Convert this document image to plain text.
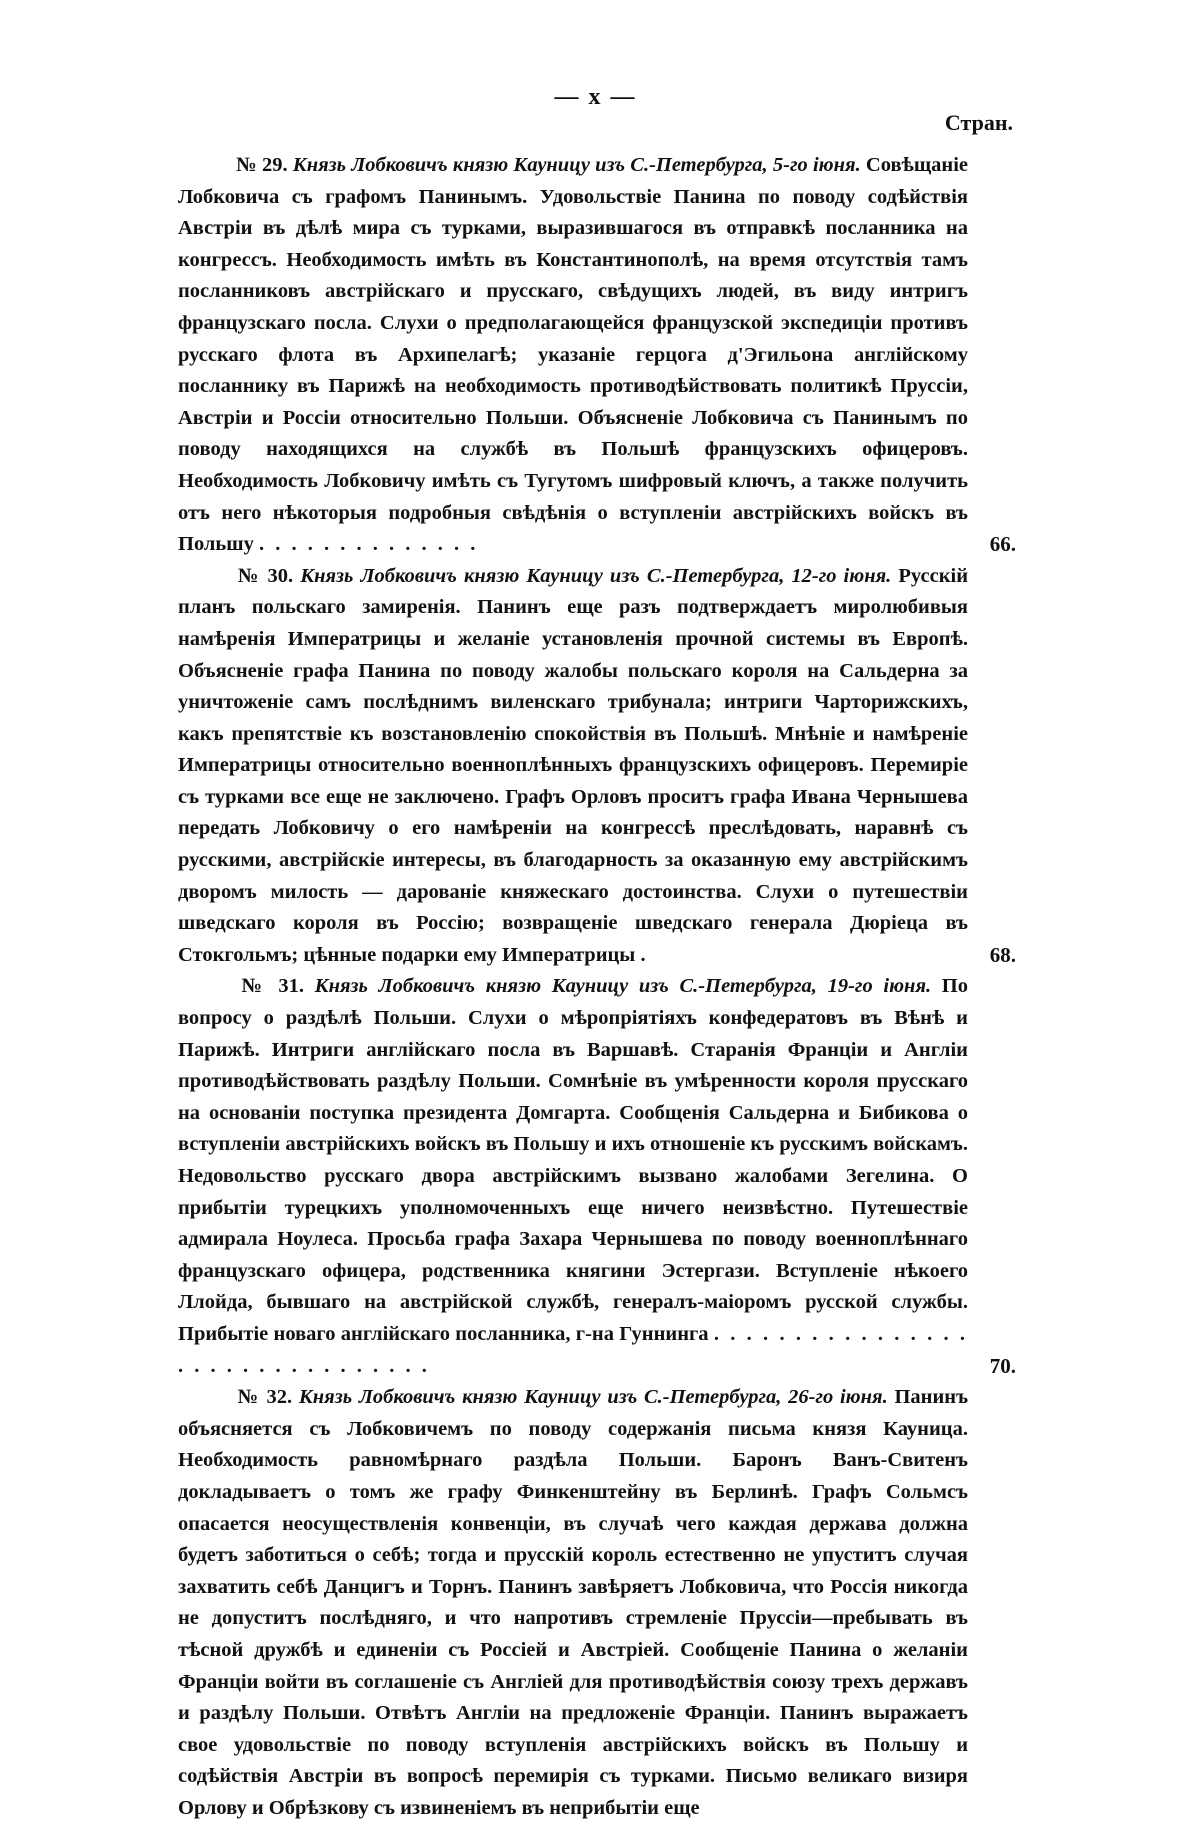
— x —
Стран.

№ 29. Князь Лобковичъ князю Кауницу изъ С.-Петербурга, 5-го іюня. Совѣщаніе Лобковича съ графомъ Панинымъ. Удовольствіе Панина по поводу содѣйствія Австріи въ дѣлѣ мира съ турками, выразившагося въ отправкѣ посланника на конгрессъ. Необходимость имѣть въ Константинополѣ, на время отсутствія тамъ посланниковъ австрійскаго и прусскаго, свѣдущихъ людей, въ виду интригъ французскаго посла. Слухи о предполагающейся французской экспедиціи противъ русскаго флота въ Архипелагѣ; указаніе герцога д'Эгильона англійскому посланнику въ Парижѣ на необходимость противодѣйствовать политикѣ Пруссіи, Австріи и Россіи относительно Польши. Объясненіе Лобковича съ Панинымъ по поводу находящихся на службѣ въ Польшѣ французскихъ офицеровъ. Необходимость Лобковичу имѣть съ Тугутомъ шифровый ключъ, а также получить отъ него нѣкоторыя подробныя свѣдѣнія о вступленіи австрійскихъ войскъ въ Польшу . . . . . . . . . . . . . .	66.

№ 30. Князь Лобковичъ князю Кауницу изъ С.-Петербурга, 12-го іюня. Русскій планъ польскаго замиренія. Панинъ еще разъ подтверждаетъ миролюбивыя намѣренія Императрицы и желаніе установленія прочной системы въ Европѣ. Объясненіе графа Панина по поводу жалобы польскаго короля на Сальдерна за уничтоженіе самъ послѣднимъ виленскаго трибунала; интриги Чарторижскихъ, какъ препятствіе къ возстановленію спокойствія въ Польшѣ. Мнѣніе и намѣреніе Императрицы относительно военноплѣнныхъ французскихъ офицеровъ. Перемиріе съ турками все еще не заключено. Графъ Орловъ проситъ графа Ивана Чернышева передать Лобковичу о его намѣреніи на конгрессѣ преслѣдовать, наравнѣ съ русскими, австрійскіе интересы, въ благодарность за оказанную ему австрійскимъ дворомъ милость — дарованіе княжескаго достоинства. Слухи о путешествіи шведскаго короля въ Россію; возвращеніе шведскаго генерала Дюріеца въ Стокгольмъ; цѣнные подарки ему Императрицы .	68.

№ 31. Князь Лобковичъ князю Кауницу изъ С.-Петербурга, 19-го іюня. По вопросу о раздѣлѣ Польши. Слухи о мѣропріятіяхъ конфедератовъ въ Вѣнѣ и Парижѣ. Интриги англійскаго посла въ Варшавѣ. Старанія Франціи и Англіи противодѣйствовать раздѣлу Польши. Сомнѣніе въ умѣренности короля прусскаго на основаніи поступка президента Домгарта. Сообщенія Сальдерна и Бибикова о вступленіи австрійскихъ войскъ въ Польшу и ихъ отношеніе къ русскимъ войскамъ. Недовольство русскаго двора австрійскимъ вызвано жалобами Зегелина. О прибытіи турецкихъ уполномоченныхъ еще ничего неизвѣстно. Путешествіе адмирала Ноулеса. Просьба графа Захара Чернышева по поводу военноплѣннаго французскаго офицера, родственника княгини Эстергази. Вступленіе нѣкоего Ллойда, бывшаго на австрійской службѣ, генералъ-маіоромъ русской службы. Прибытіе новаго англійскаго посланника, г-на Гуннинга . . . . . . . . . . . . . . . . . . . . . . . . . . . . . . . .	70.

№ 32. Князь Лобковичъ князю Кауницу изъ С.-Петербурга, 26-го іюня. Панинъ объясняется съ Лобковичемъ по поводу содержанія письма князя Кауница. Необходимость равномѣрнаго раздѣла Польши. Баронъ Ванъ-Свитенъ докладываетъ о томъ же графу Финкенштейну въ Берлинѣ. Графъ Сольмсъ опасается неосуществленія конвенціи, въ случаѣ чего каждая держава должна будетъ заботиться о себѣ; тогда и прусскій король естественно не упуститъ случая захватить себѣ Данцигъ и Торнъ. Панинъ завѣряетъ Лобковича, что Россія никогда не допуститъ послѣдняго, и что напротивъ стремленіе Пруссіи—пребывать въ тѣсной дружбѣ и единеніи съ Россіей и Австріей. Сообщеніе Панина о желаніи Франціи войти въ соглашеніе съ Англіей для противодѣйствія союзу трехъ державъ и раздѣлу Польши. Отвѣтъ Англіи на предложеніе Франціи. Панинъ выражаетъ свое удовольствіе по поводу вступленія австрійскихъ войскъ въ Польшу и содѣйствія Австріи въ вопросѣ перемирія съ турками. Письмо великаго визиря Орлову и Обрѣзкову съ извиненіемъ въ неприбытіи еще
